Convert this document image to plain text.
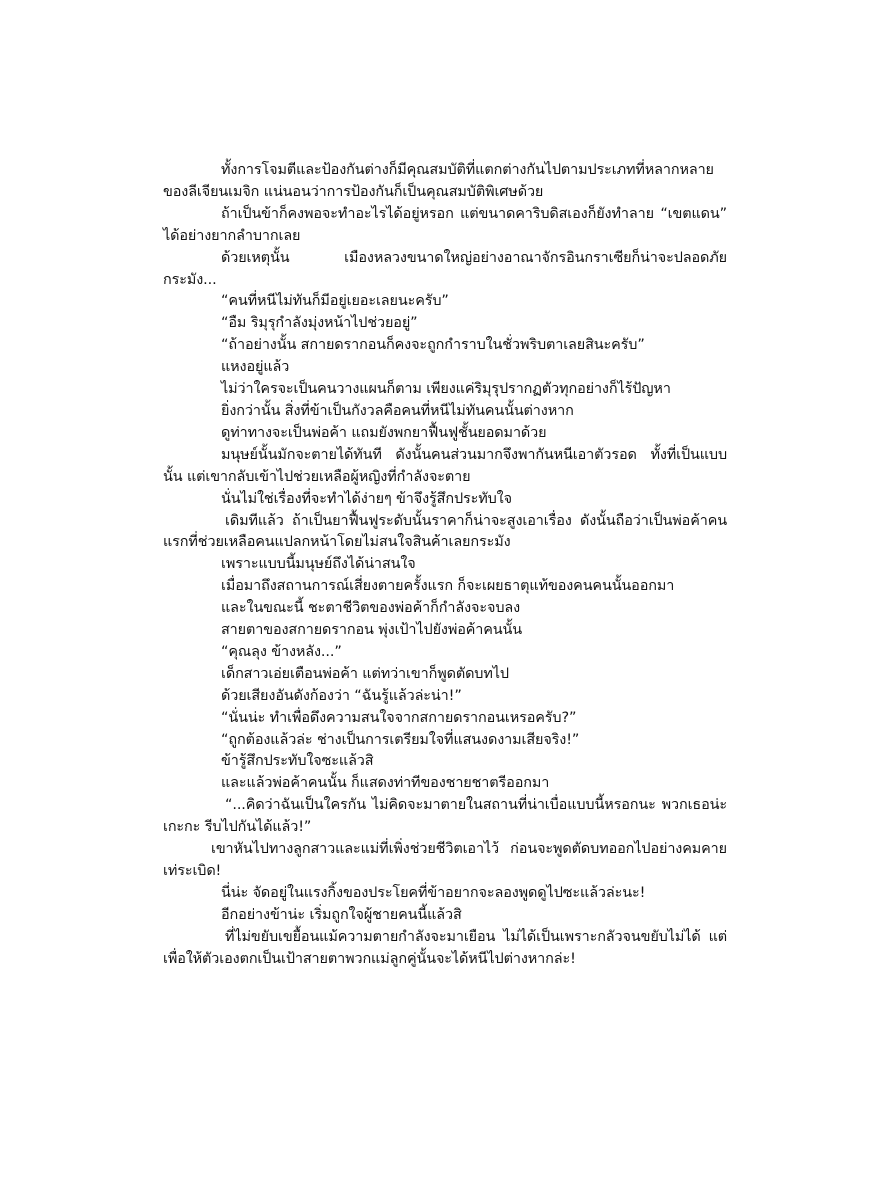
ทั้งการโจมตีและป้องกันต่างก็มีคุณสมบัติที่แตกต่างกันไปตามประเภทที่หลากหลายของลีเจียนเมจิก แน่นอนว่าการป้องกันก็เป็นคุณสมบัติพิเศษด้วย

ถ้าเป็นข้าก็คงพอจะทำอะไรได้อยู่หรอก แต่ขนาดคาริบดิสเองก็ยังทำลาย “เขตแดน” ได้อย่างยากลำบากเลย

ด้วยเหตุนั้น เมืองหลวงขนาดใหญ่อย่างอาณาจักรอินกราเซียก็น่าจะปลอดภัยกระมัง...

“คนที่หนีไม่ทันก็มีอยู่เยอะเลยนะครับ”

“อืม ริมุรุกำลังมุ่งหน้าไปช่วยอยู่”

“ถ้าอย่างนั้น สกายดรากอนก็คงจะถูกกำราบในชั่วพริบตาเลยสินะครับ”

แหงอยู่แล้ว

ไม่ว่าใครจะเป็นคนวางแผนก็ตาม เพียงแค่ริมุรุปรากฏตัวทุกอย่างก็ไร้ปัญหา

ยิ่งกว่านั้น สิ่งที่ข้าเป็นกังวลคือคนที่หนีไม่ทันคนนั้นต่างหาก

ดูท่าทางจะเป็นพ่อค้า แถมยังพกยาฟื้นฟูชั้นยอดมาด้วย

มนุษย์นั้นมักจะตายได้ทันที ดังนั้นคนส่วนมากจึงพากันหนีเอาตัวรอด ทั้งที่เป็นแบบนั้น แต่เขากลับเข้าไปช่วยเหลือผู้หญิงที่กำลังจะตาย

นั่นไม่ใช่เรื่องที่จะทำได้ง่ายๆ ข้าจึงรู้สึกประทับใจ

เดิมทีแล้ว ถ้าเป็นยาฟื้นฟูระดับนั้นราคาก็น่าจะสูงเอาเรื่อง ดังนั้นถือว่าเป็นพ่อค้าคนแรกที่ช่วยเหลือคนแปลกหน้าโดยไม่สนใจสินค้าเลยกระมัง

เพราะแบบนี้มนุษย์ถึงได้น่าสนใจ

เมื่อมาถึงสถานการณ์เสี่ยงตายครั้งแรก ก็จะเผยธาตุแท้ของคนคนนั้นออกมา

และในขณะนี้ ชะตาชีวิตของพ่อค้าก็กำลังจะจบลง

สายตาของสกายดรากอน พุ่งเป้าไปยังพ่อค้าคนนั้น

“คุณลุง ข้างหลัง...”

เด็กสาวเอ่ยเตือนพ่อค้า แต่ทว่าเขาก็พูดตัดบทไป

ด้วยเสียงอันดังก้องว่า “ฉันรู้แล้วล่ะน่า!”

“นั่นน่ะ ทำเพื่อดึงความสนใจจากสกายดรากอนเหรอครับ?”

“ถูกต้องแล้วล่ะ ช่างเป็นการเตรียมใจที่แสนงดงามเสียจริง!”

ข้ารู้สึกประทับใจซะแล้วสิ

และแล้วพ่อค้าคนนั้น ก็แสดงท่าทีของชายชาตรีออกมา

“...คิดว่าฉันเป็นใครกัน ไม่คิดจะมาตายในสถานที่น่าเบื่อแบบนี้หรอกนะ พวกเธอน่ะเกะกะ รีบไปกันได้แล้ว!”

เขาหันไปทางลูกสาวและแม่ที่เพิ่งช่วยชีวิตเอาไว้ ก่อนจะพูดตัดบทออกไปอย่างคมคายเท่ระเบิด!

นี่น่ะ จัดอยู่ในแรงกิ้งของประโยคที่ข้าอยากจะลองพูดดูไปซะแล้วล่ะนะ!

อีกอย่างข้าน่ะ เริ่มถูกใจผู้ชายคนนี้แล้วสิ

ที่ไม่ขยับเขยื้อนแม้ความตายกำลังจะมาเยือน ไม่ได้เป็นเพราะกลัวจนขยับไม่ได้ แต่เพื่อให้ตัวเองตกเป็นเป้าสายตาพวกแม่ลูกคู่นั้นจะได้หนีไปต่างหากล่ะ!
